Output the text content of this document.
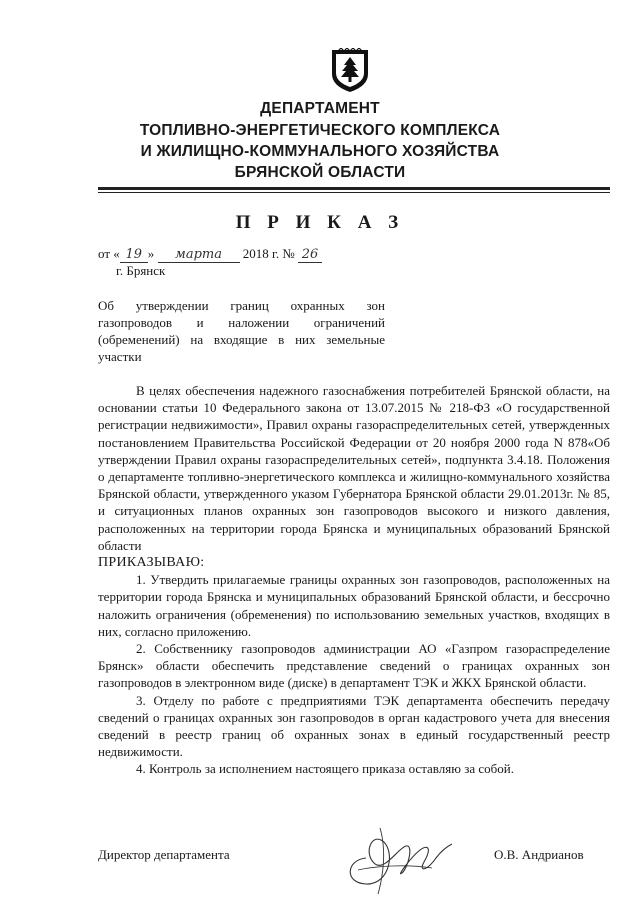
ДЕПАРТАМЕНТ
ТОПЛИВНО-ЭНЕРГЕТИЧЕСКОГО КОМПЛЕКСА
И ЖИЛИЩНО-КОММУНАЛЬНОГО ХОЗЯЙСТВА
БРЯНСКОЙ ОБЛАСТИ
П Р И К А З
от « 19 » марта 2018 г. № 26
г. Брянск
Об утверждении границ охранных зон газопроводов и наложении ограничений (обременений) на входящие в них земельные участки

В целях обеспечения надежного газоснабжения потребителей Брянской области, на основании статьи 10 Федерального закона от 13.07.2015 № 218-ФЗ «О государственной регистрации недвижимости», Правил охраны газораспределительных сетей, утвержденных постановлением Правительства Российской Федерации от 20 ноября 2000 года N 878«Об утверждении Правил охраны газораспределительных сетей», подпункта 3.4.18. Положения о департаменте топливно-энергетического комплекса и жилищно-коммунального хозяйства Брянской области, утвержденного указом Губернатора Брянской области 29.01.2013г. № 85, и ситуационных планов охранных зон газопроводов высокого и низкого давления, расположенных на территории города Брянска и муниципальных образований Брянской области

ПРИКАЗЫВАЮ:

1. Утвердить прилагаемые границы охранных зон газопроводов, расположенных на территории города Брянска и муниципальных образований Брянской области, и бессрочно наложить ограничения (обременения) по использованию земельных участков, входящих в них, согласно приложению.

2. Собственнику газопроводов администрации АО «Газпром газораспределение Брянск» области обеспечить представление сведений о границах охранных зон газопроводов в электронном виде (диске) в департамент ТЭК и ЖКХ Брянской области.

3. Отделу по работе с предприятиями ТЭК департамента обеспечить передачу сведений о границах охранных зон газопроводов в орган кадастрового учета для внесения сведений в реестр границ об охранных зонах в единый государственный реестр недвижимости.

4. Контроль за исполнением настоящего приказа оставляю за собой.

Директор департамента	О.В. Андрианов
